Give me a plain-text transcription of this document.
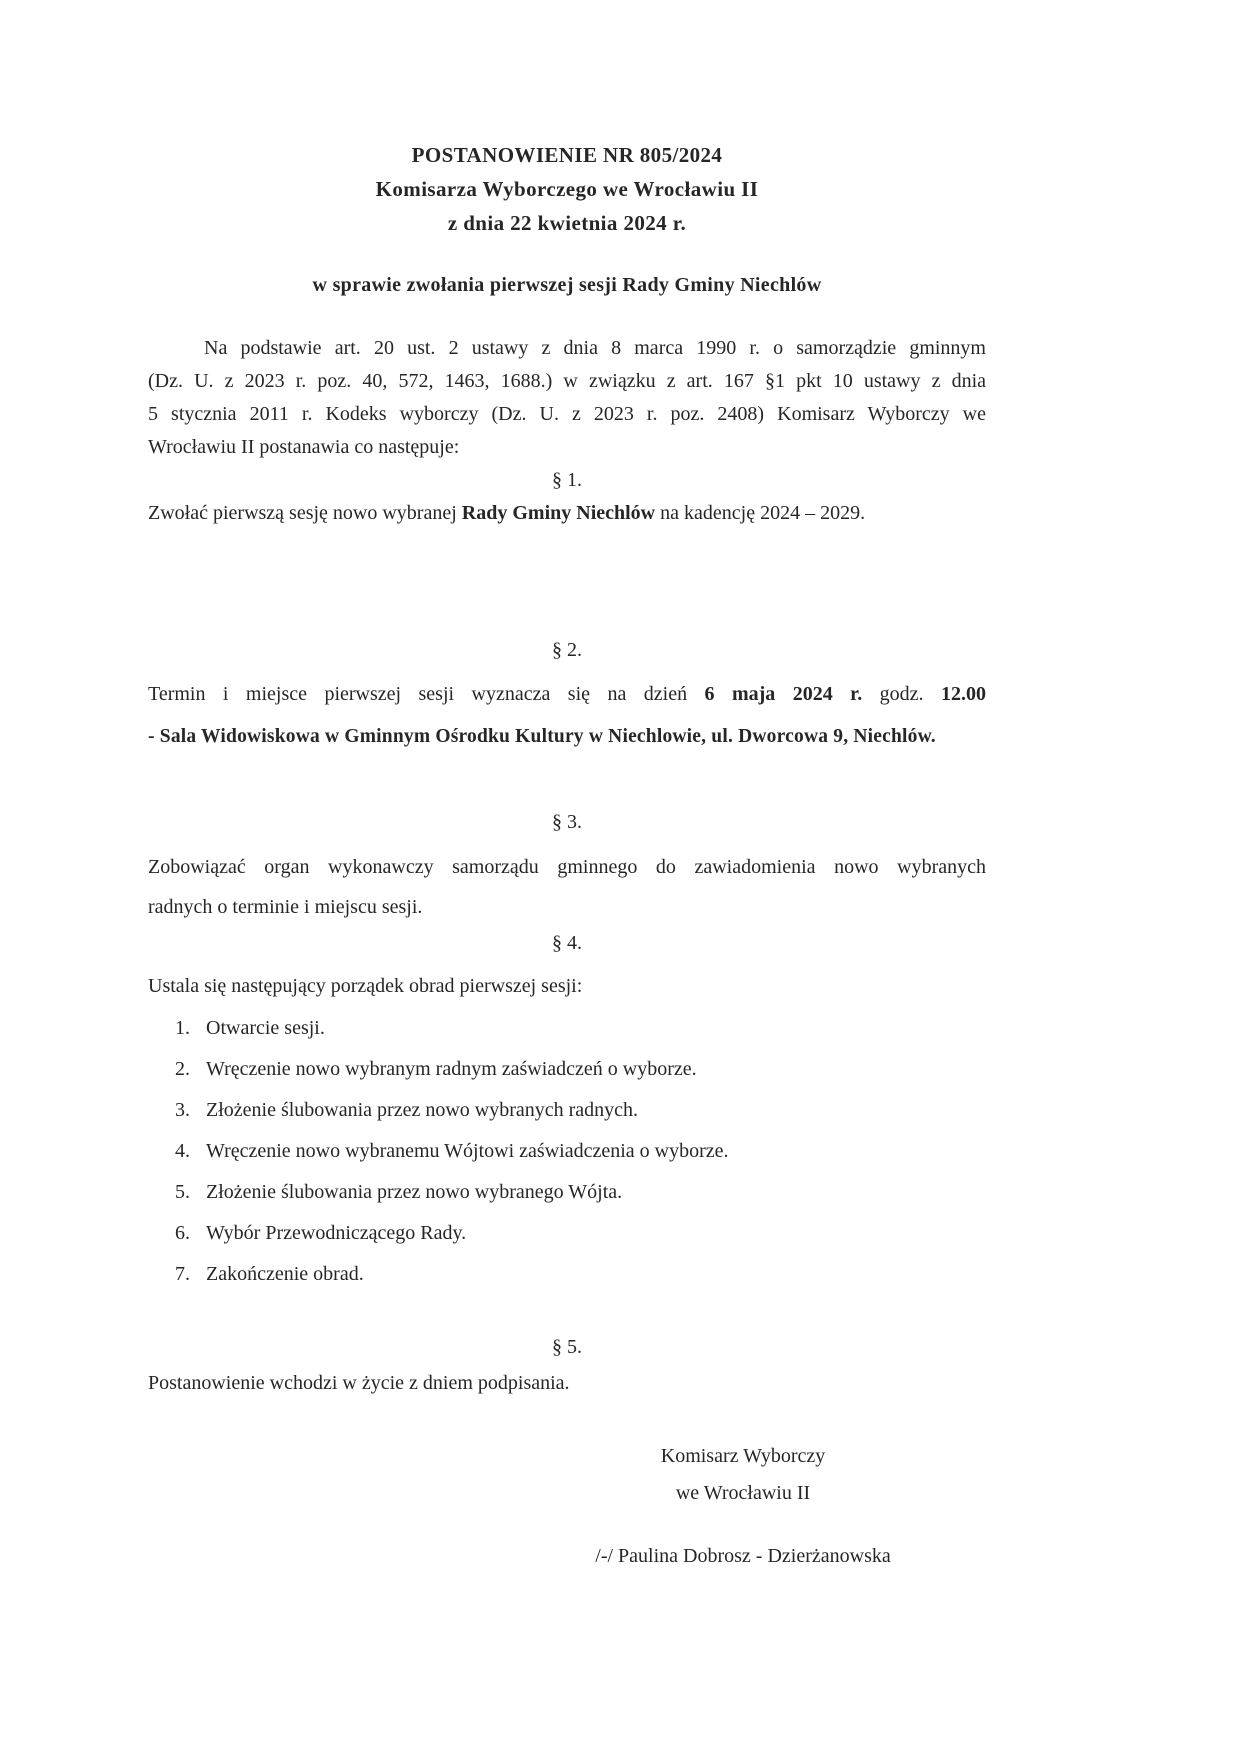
POSTANOWIENIE NR 805/2024
Komisarza Wyborczego we Wrocławiu II
z dnia 22 kwietnia 2024 r.
w sprawie zwołania pierwszej sesji Rady Gminy Niechlów
Na podstawie art. 20 ust. 2 ustawy z dnia 8 marca 1990 r. o samorządzie gminnym
(Dz. U. z 2023 r. poz. 40, 572, 1463, 1688.) w związku z art. 167 §1 pkt 10 ustawy z dnia
5 stycznia 2011 r. Kodeks wyborczy (Dz. U. z 2023 r. poz. 2408) Komisarz Wyborczy we
Wrocławiu II postanawia co następuje:
§ 1.
Zwołać pierwszą sesję nowo wybranej Rady Gminy Niechlów na kadencję 2024 – 2029.
§ 2.
Termin i miejsce pierwszej sesji wyznacza się na dzień 6 maja 2024 r. godz. 12.00
- Sala Widowiskowa w Gminnym Ośrodku Kultury w Niechlowie, ul. Dworcowa 9, Niechlów.
§ 3.
Zobowiązać organ wykonawczy samorządu gminnego do zawiadomienia nowo wybranych
radnych o terminie i miejscu sesji.
§ 4.
Ustala się następujący porządek obrad pierwszej sesji:
1. Otwarcie sesji.
2. Wręczenie nowo wybranym radnym zaświadczeń o wyborze.
3. Złożenie ślubowania przez nowo wybranych radnych.
4. Wręczenie nowo wybranemu Wójtowi zaświadczenia o wyborze.
5. Złożenie ślubowania przez nowo wybranego Wójta.
6. Wybór Przewodniczącego Rady.
7. Zakończenie obrad.
§ 5.
Postanowienie wchodzi w życie z dniem podpisania.
Komisarz Wyborczy
we Wrocławiu II
/-/ Paulina Dobrosz - Dzierżanowska
